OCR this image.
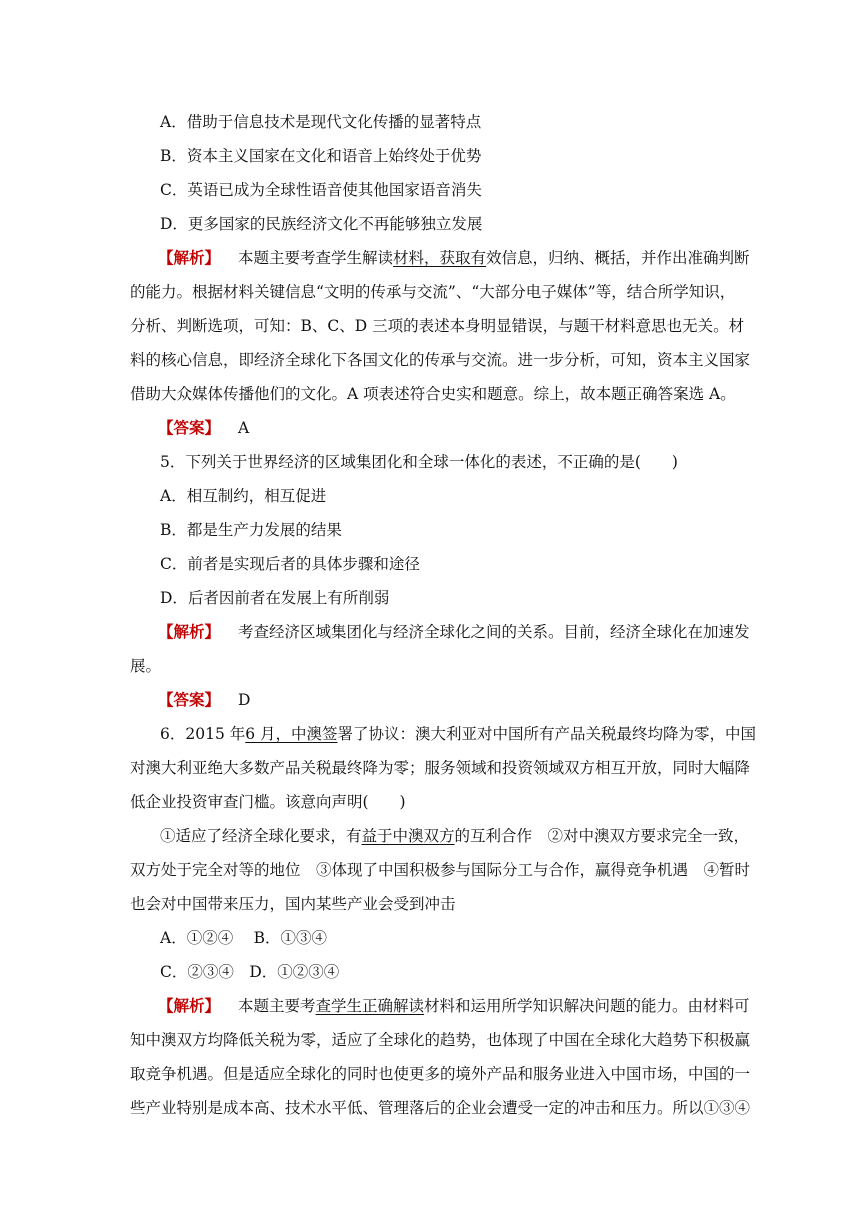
A．借助于信息技术是现代文化传播的显著特点
B．资本主义国家在文化和语音上始终处于优势
C．英语已成为全球性语音使其他国家语音消失
D．更多国家的民族经济文化不再能够独立发展
【解析】 本题主要考查学生解读材料，获取有效信息，归纳、概括，并作出准确判断
的能力。根据材料关键信息“文明的传承与交流”、“大部分电子媒体”等，结合所学知识，
分析、判断选项，可知：B、C、D 三项的表述本身明显错误，与题干材料意思也无关。材
料的核心信息，即经济全球化下各国文化的传承与交流。进一步分析，可知，资本主义国家
借助大众媒体传播他们的文化。A 项表述符合史实和题意。综上，故本题正确答案选 A。
【答案】 A
5．下列关于世界经济的区域集团化和全球一体化的表述，不正确的是(　　)
A．相互制约，相互促进
B．都是生产力发展的结果
C．前者是实现后者的具体步骤和途径
D．后者因前者在发展上有所削弱
【解析】 考查经济区域集团化与经济全球化之间的关系。目前，经济全球化在加速发
展。
【答案】 D
6．2015 年6 月，中澳签署了协议：澳大利亚对中国所有产品关税最终均降为零，中国
对澳大利亚绝大多数产品关税最终降为零；服务领域和投资领域双方相互开放，同时大幅降
低企业投资审查门槛。该意向声明(　　)
①适应了经济全球化要求，有益于中澳双方的互利合作　②对中澳双方要求完全一致，
双方处于完全对等的地位　③体现了中国积极参与国际分工与合作，赢得竞争机遇　④暂时
也会对中国带来压力，国内某些产业会受到冲击
A．①②④　 B．①③④
C．②③④　D．①②③④
【解析】 本题主要考查学生正确解读材料和运用所学知识解决问题的能力。由材料可
知中澳双方均降低关税为零，适应了全球化的趋势，也体现了中国在全球化大趋势下积极赢
取竞争机遇。但是适应全球化的同时也使更多的境外产品和服务业进入中国市场，中国的一
些产业特别是成本高、技术水平低、管理落后的企业会遭受一定的冲击和压力。所以①③④
